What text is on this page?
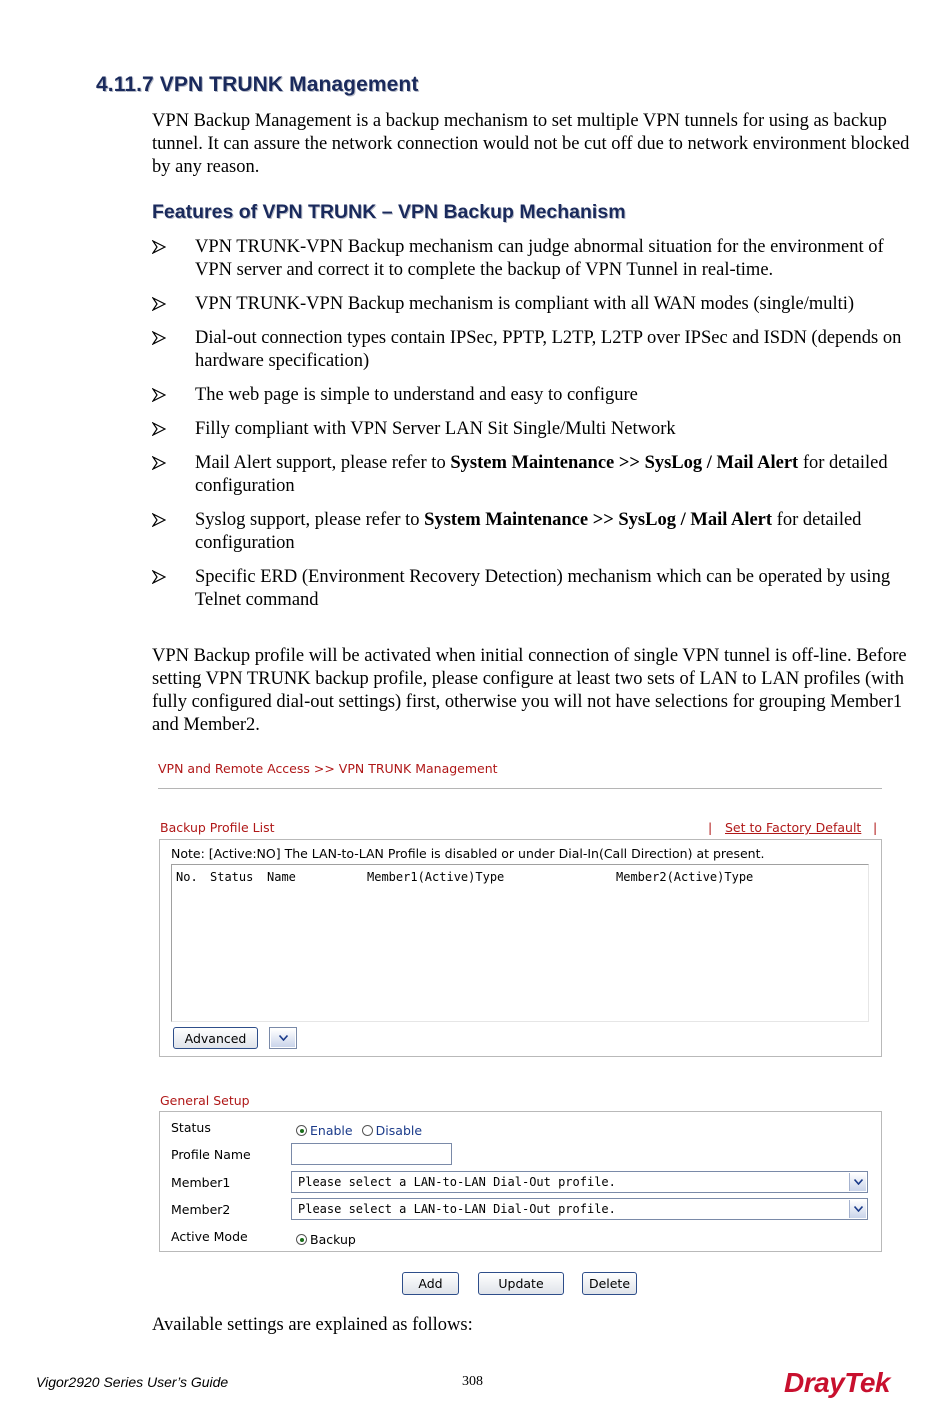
4.11.7 VPN TRUNK Management
VPN Backup Management is a backup mechanism to set multiple VPN tunnels for using as backup tunnel. It can assure the network connection would not be cut off due to network environment blocked by any reason.
Features of VPN TRUNK – VPN Backup Mechanism
VPN TRUNK-VPN Backup mechanism can judge abnormal situation for the environment of VPN server and correct it to complete the backup of VPN Tunnel in real-time.
VPN TRUNK-VPN Backup mechanism is compliant with all WAN modes (single/multi)
Dial-out connection types contain IPSec, PPTP, L2TP, L2TP over IPSec and ISDN (depends on hardware specification)
The web page is simple to understand and easy to configure
Filly compliant with VPN Server LAN Sit Single/Multi Network
Mail Alert support, please refer to System Maintenance >> SysLog / Mail Alert for detailed configuration
Syslog support, please refer to System Maintenance >> SysLog / Mail Alert for detailed configuration
Specific ERD (Environment Recovery Detection) mechanism which can be operated by using Telnet command
VPN Backup profile will be activated when initial connection of single VPN tunnel is off-line. Before setting VPN TRUNK backup profile, please configure at least two sets of LAN to LAN profiles (with fully configured dial-out settings) first, otherwise you will not have selections for grouping Member1 and Member2.
VPN and Remote Access >> VPN TRUNK Management
Backup Profile List	| Set to Factory Default |
Note: [Active:NO] The LAN-to-LAN Profile is disabled or under Dial-In(Call Direction) at present.
No. Status Name	Member1(Active)Type	Member2(Active)Type
Advanced
General Setup
Status	Enable Disable
Profile Name
Member1	Please select a LAN-to-LAN Dial-Out profile.
Member2	Please select a LAN-to-LAN Dial-Out profile.
Active Mode	Backup
Add	Update	Delete
Available settings are explained as follows:
Vigor2920 Series User’s Guide	308	DrayTek
